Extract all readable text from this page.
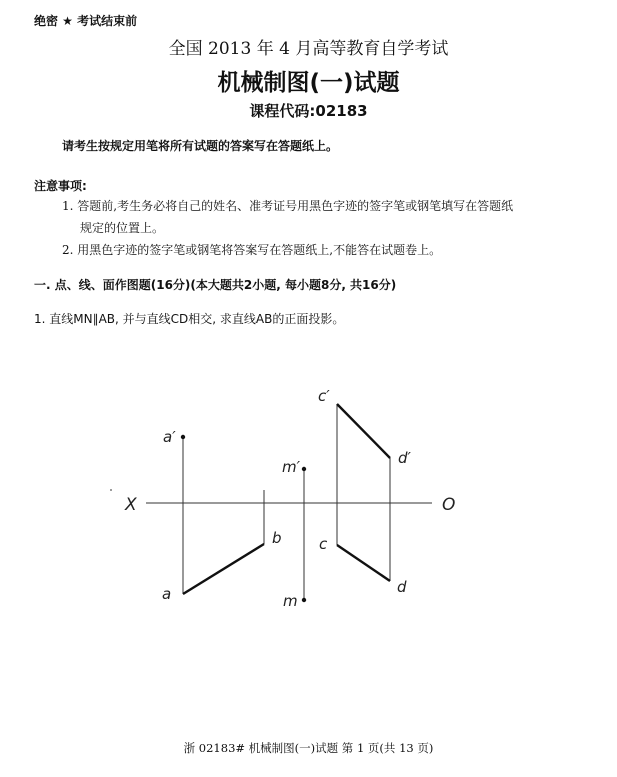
绝密 ★ 考试结束前
全国 2013 年 4 月高等教育自学考试
机械制图(一)试题
课程代码:02183
请考生按规定用笔将所有试题的答案写在答题纸上。
注意事项:
1. 答题前,考生务必将自己的姓名、准考证号用黑色字迹的签字笔或钢笔填写在答题纸
规定的位置上。
2. 用黑色字迹的签字笔或钢笔将答案写在答题纸上,不能答在试题卷上。
一. 点、线、面作图题(16分)(本大题共2小题, 每小题8分, 共16分)
1. 直线MN∥AB, 并与直线CD相交, 求直线AB的正面投影。
a′
m′
c′
d′
X	O
b c
a	d
m
浙 02183# 机械制图(一)试题 第 1 页(共 13 页)
